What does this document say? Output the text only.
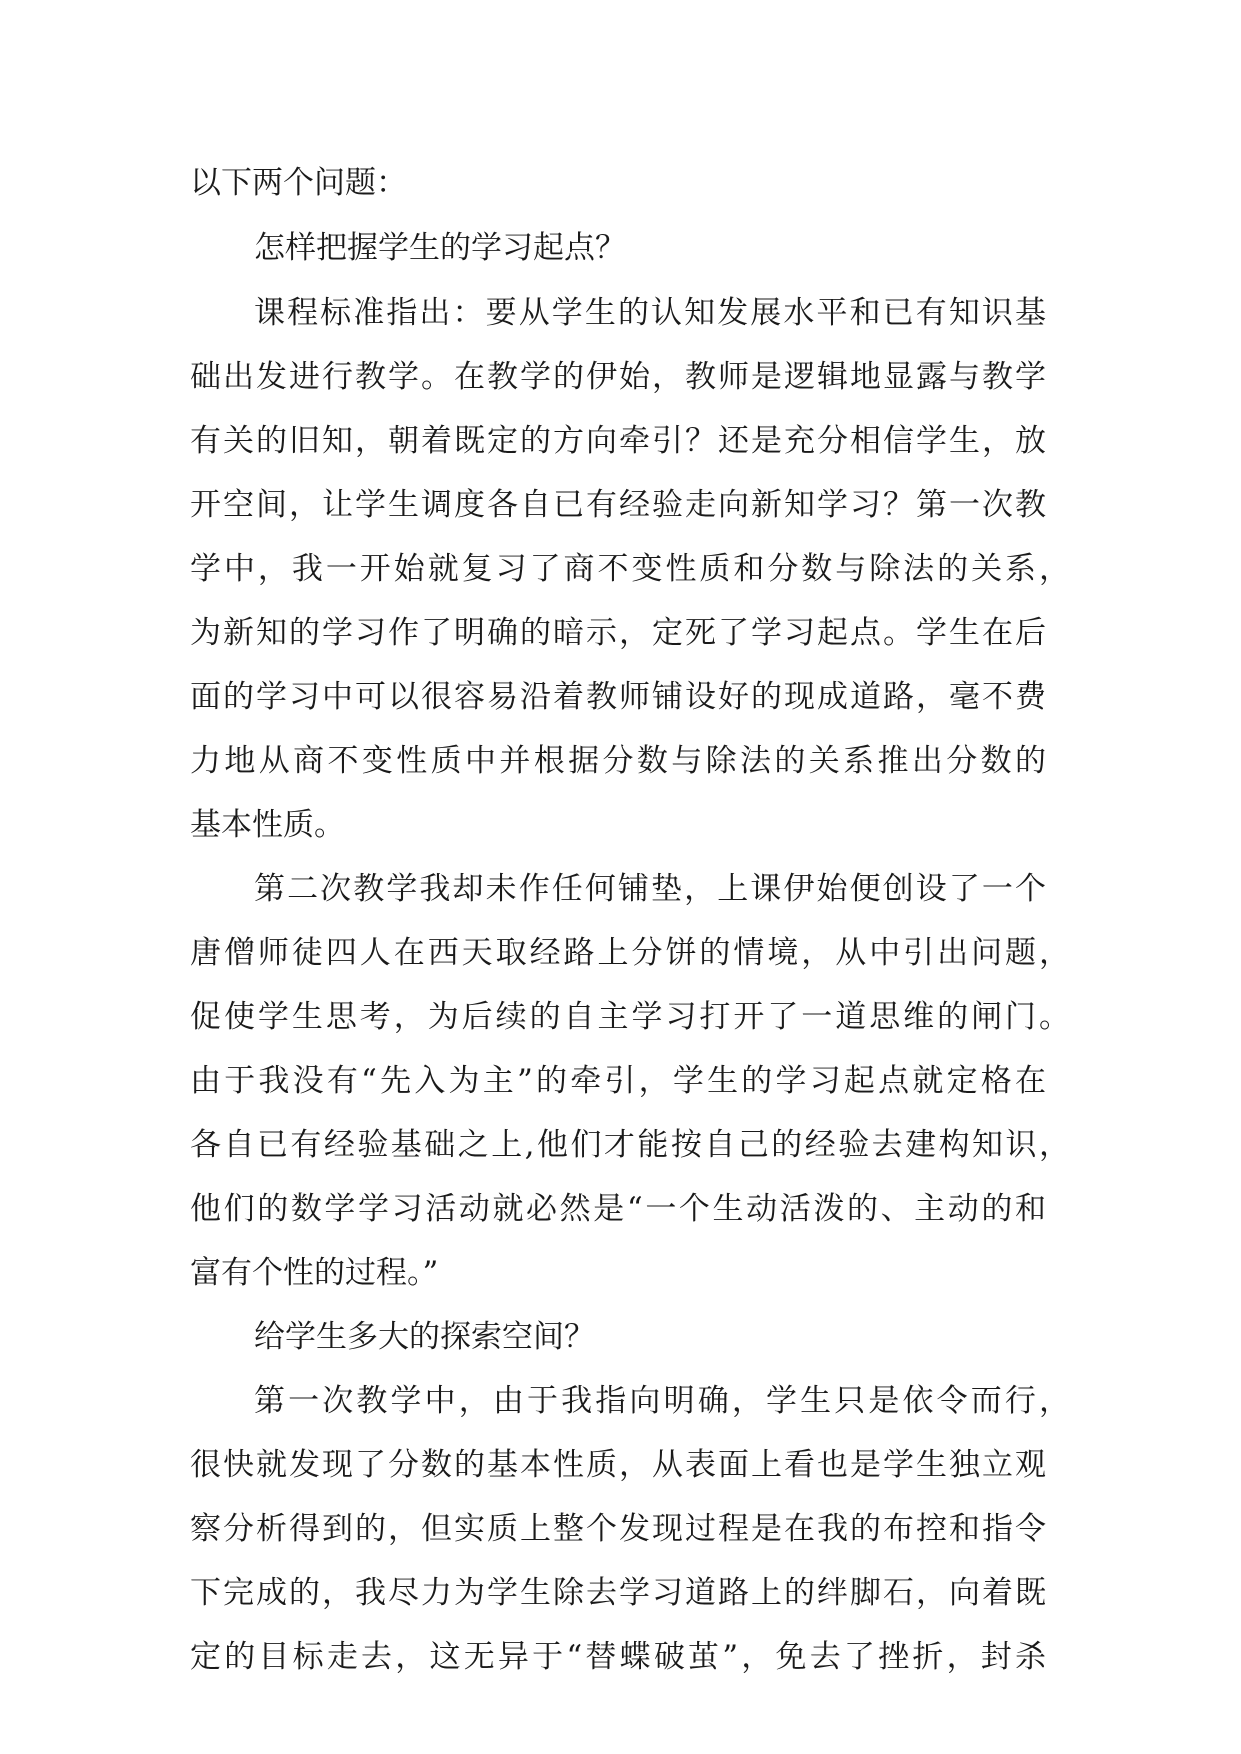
以下两个问题：

怎样把握学生的学习起点？

课程标准指出：要从学生的认知发展水平和已有知识基

础出发进行教学。在教学的伊始，教师是逻辑地显露与教学

有关的旧知，朝着既定的方向牵引？还是充分相信学生，放

开空间，让学生调度各自已有经验走向新知学习？第一次教

学中，我一开始就复习了商不变性质和分数与除法的关系，

为新知的学习作了明确的暗示，定死了学习起点。学生在后

面的学习中可以很容易沿着教师铺设好的现成道路，毫不费

力地从商不变性质中并根据分数与除法的关系推出分数的

基本性质。

第二次教学我却未作任何铺垫，上课伊始便创设了一个

唐僧师徒四人在西天取经路上分饼的情境，从中引出问题，

促使学生思考，为后续的自主学习打开了一道思维的闸门。

由于我没有“先入为主”的牵引，学生的学习起点就定格在

各自已有经验基础之上,他们才能按自己的经验去建构知识，

他们的数学学习活动就必然是“一个生动活泼的、主动的和

富有个性的过程。”

给学生多大的探索空间？

第一次教学中，由于我指向明确，学生只是依令而行，

很快就发现了分数的基本性质，从表面上看也是学生独立观

察分析得到的，但实质上整个发现过程是在我的布控和指令

下完成的，我尽力为学生除去学习道路上的绊脚石，向着既

定的目标走去，这无异于“替蝶破茧”，免去了挫折，封杀
